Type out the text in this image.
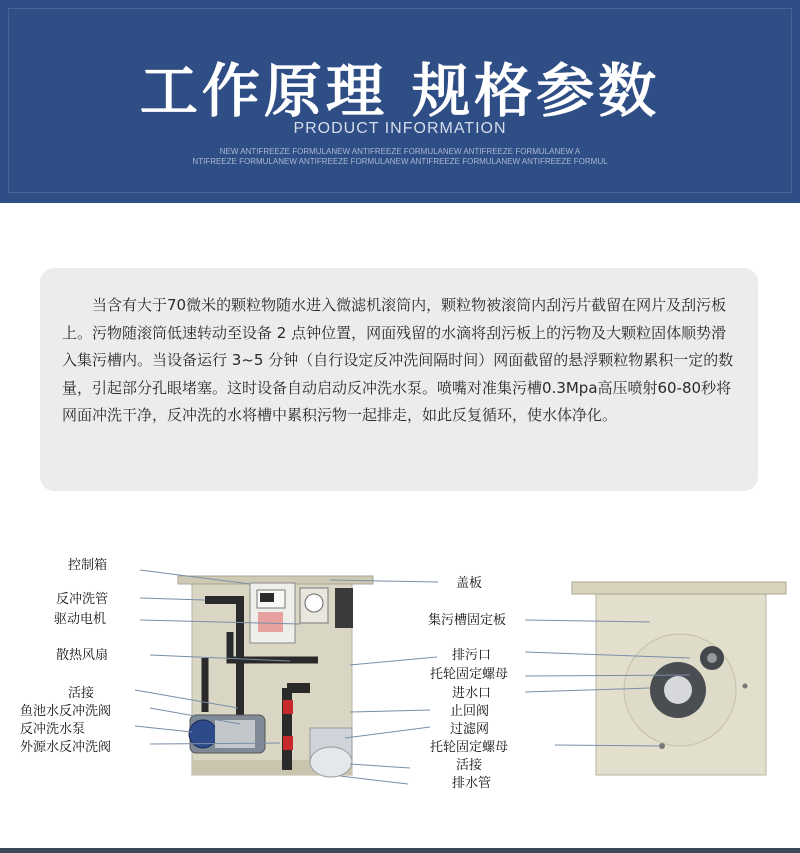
工作原理 规格参数
PRODUCT INFORMATION
NEW ANTIFREEZE FORMULANEW ANTIFREEZE FORMULANEW ANTIFREEZE FORMULANEW A
NTIFREEZE FORMULANEW ANTIFREEZE FORMULANEW ANTIFREEZE FORMULANEW ANTIFREEZE FORMUL

当含有大于70微米的颗粒物随水进入微滤机滚筒内，颗粒物被滚筒内刮污片截留在网片及刮污板上。污物随滚筒低速转动至设备 2 点钟位置，网面残留的水滴将刮污板上的污物及大颗粒固体顺势滑入集污槽内。当设备运行 3~5 分钟（自行设定反冲洗间隔时间）网面截留的悬浮颗粒物累积一定的数量，引起部分孔眼堵塞。这时设备自动启动反冲洗水泵。喷嘴对准集污槽0.3Mpa高压喷射60-80秒将网面冲洗干净，反冲洗的水将槽中累积污物一起排走，如此反复循环，使水体净化。

控制箱
反冲洗管
驱动电机
散热风扇
活接
鱼池水反冲洗阀
反冲洗水泵
外源水反冲洗阀
盖板
集污槽固定板
排污口
托轮固定螺母
进水口
止回阀
过滤网
托轮固定螺母
活接
排水管
